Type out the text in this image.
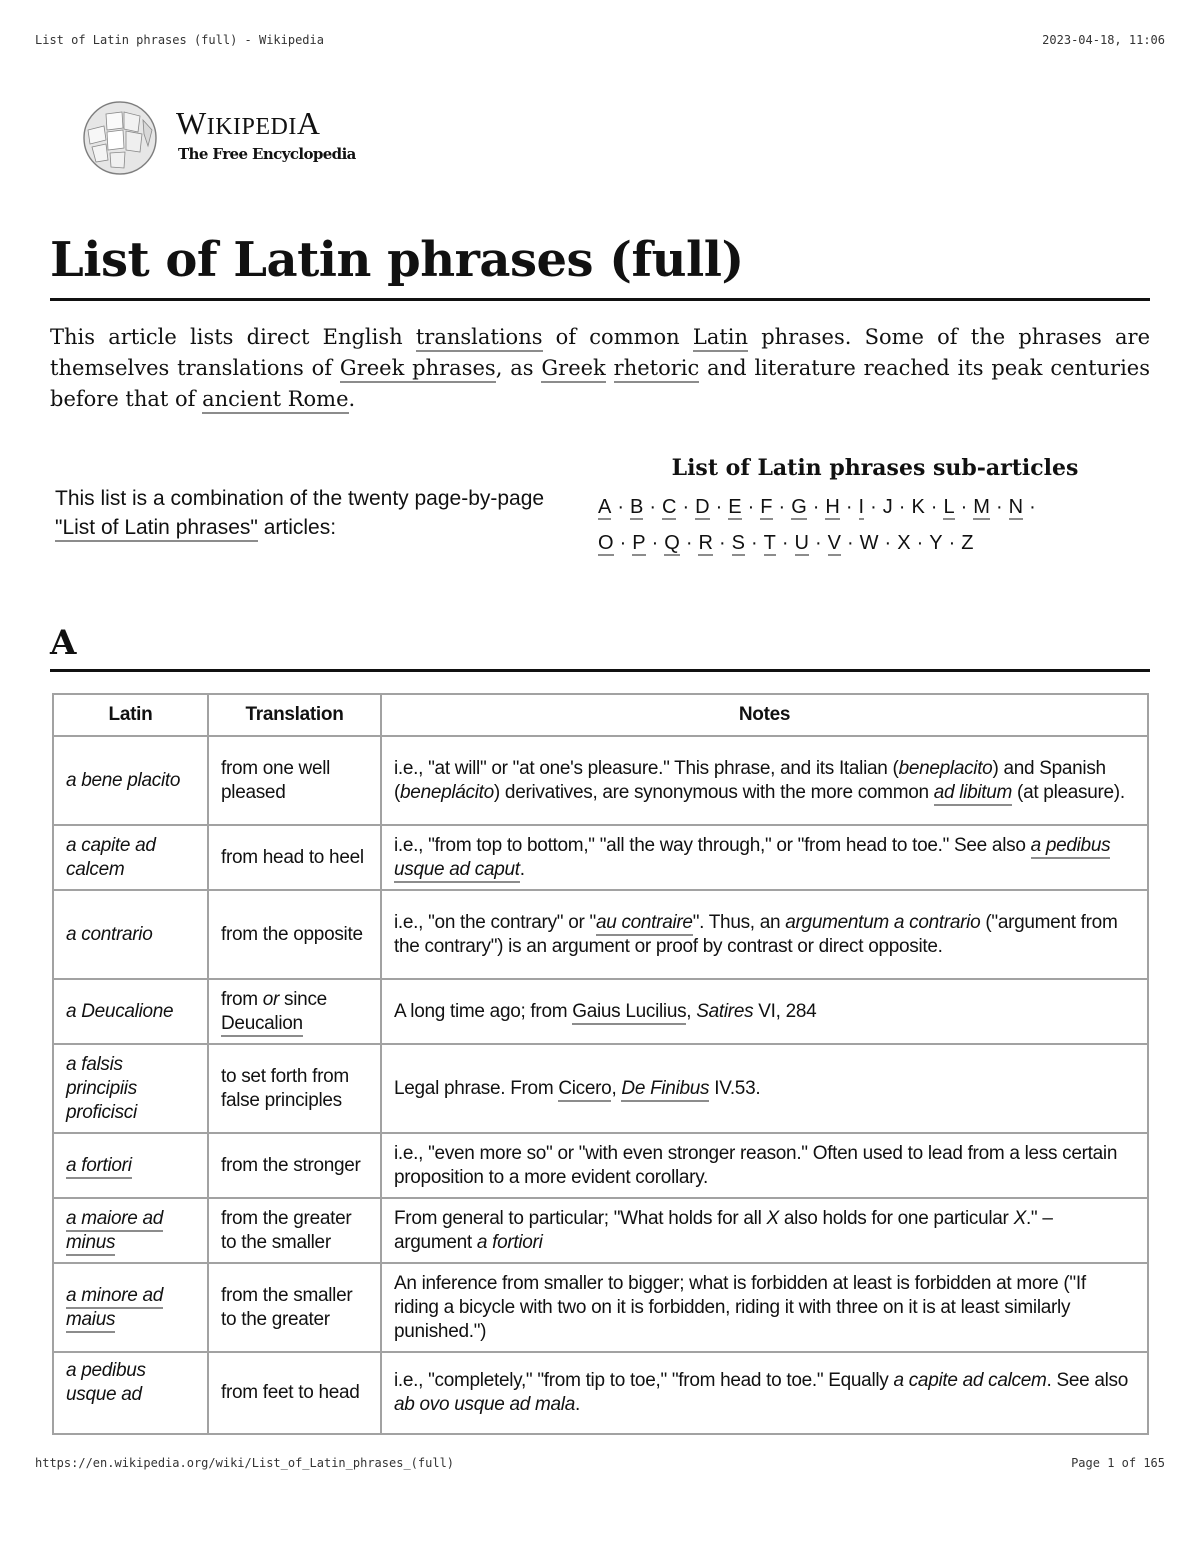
List of Latin phrases (full) - Wikipedia	2023-04-18, 11:06
WIKIPEDIA
The Free Encyclopedia
List of Latin phrases (full)

This article lists direct English translations of common Latin phrases. Some of the phrases are themselves translations of Greek phrases, as Greek rhetoric and literature reached its peak centuries before that of ancient Rome.

This list is a combination of the twenty page-by-page "List of Latin phrases" articles:
List of Latin phrases sub-articles
A · B · C · D · E · F · G · H · I · J · K · L · M · N ·
O · P · Q · R · S · T · U · V · W · X · Y · Z
A
Latin	Translation	Notes
a bene placito	from one well pleased	i.e., "at will" or "at one's pleasure." This phrase, and its Italian (beneplacito) and Spanish (beneplácito) derivatives, are synonymous with the more common ad libitum (at pleasure).
a capite ad calcem	from head to heel	i.e., "from top to bottom," "all the way through," or "from head to toe." See also a pedibus usque ad caput.
a contrario	from the opposite	i.e., "on the contrary" or "au contraire". Thus, an argumentum a contrario ("argument from the contrary") is an argument or proof by contrast or direct opposite.
a Deucalione	from or since Deucalion	A long time ago; from Gaius Lucilius, Satires VI, 284
a falsis principiis proficisci	to set forth from false principles	Legal phrase. From Cicero, De Finibus IV.53.
a fortiori	from the stronger	i.e., "even more so" or "with even stronger reason." Often used to lead from a less certain proposition to a more evident corollary.
a maiore ad minus	from the greater to the smaller	From general to particular; "What holds for all X also holds for one particular X." – argument a fortiori
a minore ad maius	from the smaller to the greater	An inference from smaller to bigger; what is forbidden at least is forbidden at more ("If riding a bicycle with two on it is forbidden, riding it with three on it is at least similarly punished.")
a pedibus usque ad	from feet to head	i.e., "completely," "from tip to toe," "from head to toe." Equally a capite ad calcem. See also ab ovo usque ad mala.
https://en.wikipedia.org/wiki/List_of_Latin_phrases_(full)	Page 1 of 165
